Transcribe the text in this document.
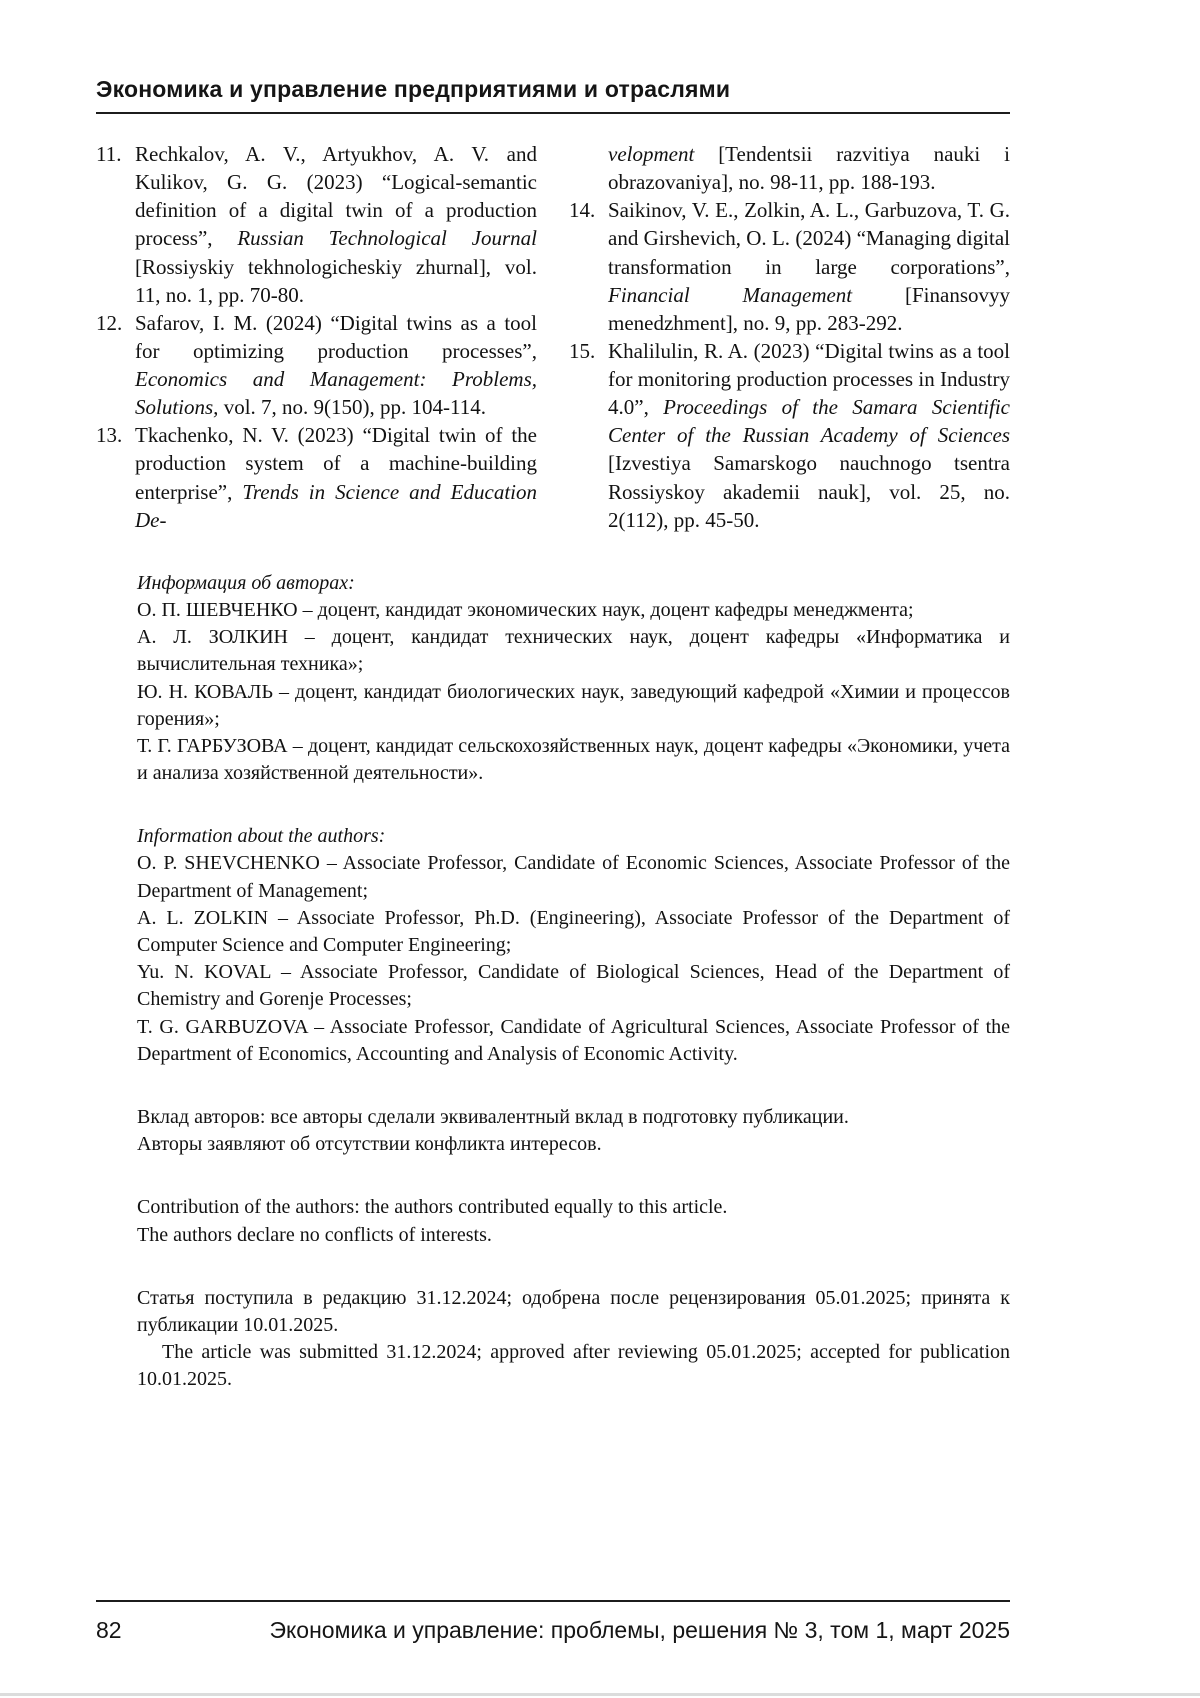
Экономика и управление предприятиями и отраслями

11. Rechkalov, A. V., Artyukhov, A. V. and Kulikov, G. G. (2023) “Logical-semantic definition of a digital twin of a production process”, Russian Technological Journal [Rossiyskiy tekhnologicheskiy zhurnal], vol. 11, no. 1, pp. 70-80.

12. Safarov, I. M. (2024) “Digital twins as a tool for optimizing production processes”, Economics and Management: Problems, Solutions, vol. 7, no. 9(150), pp. 104-114.

13. Tkachenko, N. V. (2023) “Digital twin of the production system of a machine-building enterprise”, Trends in Science and Education De-

velopment [Tendentsii razvitiya nauki i obrazovaniya], no. 98-11, pp. 188-193.

14. Saikinov, V. E., Zolkin, A. L., Garbuzova, T. G. and Girshevich, O. L. (2024) “Managing digital transformation in large corporations”, Financial Management [Finansovyy menedzhment], no. 9, pp. 283-292.

15. Khalilulin, R. A. (2023) “Digital twins as a tool for monitoring production processes in Industry 4.0”, Proceedings of the Samara Scientific Center of the Russian Academy of Sciences [Izvestiya Samarskogo nauchnogo tsentra Rossiyskoy akademii nauk], vol. 25, no. 2(112), pp. 45-50.

Информация об авторах:

О. П. ШЕВЧЕНКО – доцент, кандидат экономических наук, доцент кафедры менеджмента;

А. Л. ЗОЛКИН – доцент, кандидат технических наук, доцент кафедры «Информатика и вычислительная техника»;

Ю. Н. КОВАЛЬ – доцент, кандидат биологических наук, заведующий кафедрой «Химии и процессов горения»;

Т. Г. ГАРБУЗОВА – доцент, кандидат сельскохозяйственных наук, доцент кафедры «Экономики, учета и анализа хозяйственной деятельности».

Information about the authors:

O. P. SHEVCHENKO – Associate Professor, Candidate of Economic Sciences, Associate Professor of the Department of Management;

A. L. ZOLKIN – Associate Professor, Ph.D. (Engineering), Associate Professor of the Department of Computer Science and Computer Engineering;

Yu. N. KOVAL – Associate Professor, Candidate of Biological Sciences, Head of the Department of Chemistry and Gorenje Processes;

T. G. GARBUZOVA – Associate Professor, Candidate of Agricultural Sciences, Associate Professor of the Department of Economics, Accounting and Analysis of Economic Activity.

Вклад авторов: все авторы сделали эквивалентный вклад в подготовку публикации.

Авторы заявляют об отсутствии конфликта интересов.

Contribution of the authors: the authors contributed equally to this article.

The authors declare no conflicts of interests.

Статья поступила в редакцию 31.12.2024; одобрена после рецензирования 05.01.2025; принята к публикации 10.01.2025.

The article was submitted 31.12.2024; approved after reviewing 05.01.2025; accepted for publication 10.01.2025.

82	Экономика и управление: проблемы, решения № 3, том 1, март 2025
